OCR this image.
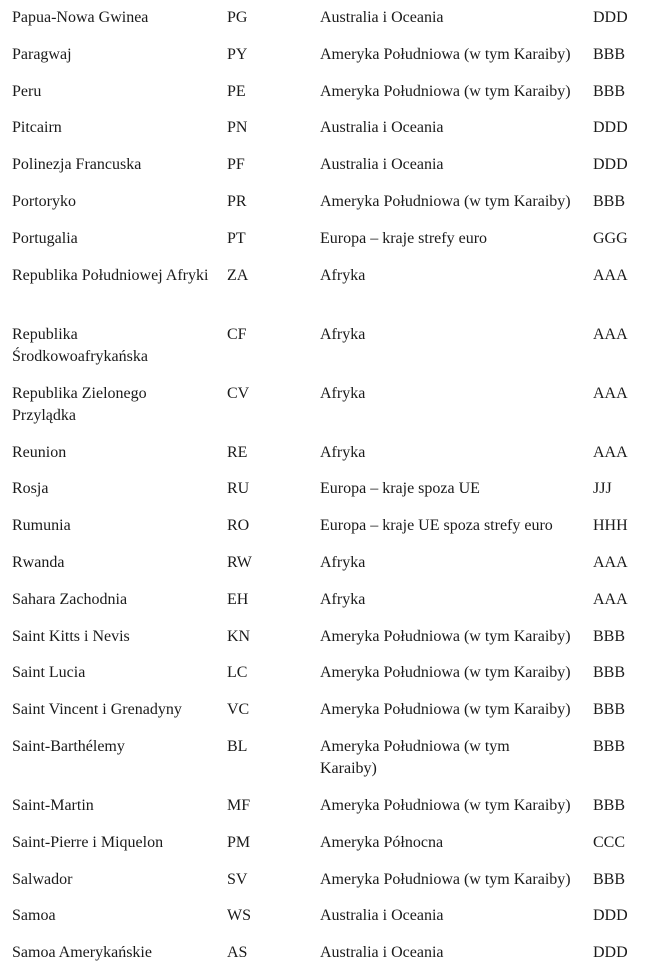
Papua-Nowa Gwinea	PG	Australia i Oceania	DDD

Paragwaj	PY	Ameryka Południowa (w tym Karaiby)	BBB

Peru	PE	Ameryka Południowa (w tym Karaiby)	BBB

Pitcairn	PN	Australia i Oceania	DDD

Polinezja Francuska	PF	Australia i Oceania	DDD

Portoryko	PR	Ameryka Południowa (w tym Karaiby)	BBB

Portugalia	PT	Europa – kraje strefy euro	GGG

Republika Południowej Afryki	ZA	Afryka	AAA

Republika Środkowoafrykańska	CF	Afryka	AAA

Republika Zielonego Przylądka	CV	Afryka	AAA

Reunion	RE	Afryka	AAA

Rosja	RU	Europa – kraje spoza UE	JJJ

Rumunia	RO	Europa – kraje UE spoza strefy euro	HHH

Rwanda	RW	Afryka	AAA

Sahara Zachodnia	EH	Afryka	AAA

Saint Kitts i Nevis	KN	Ameryka Południowa (w tym Karaiby)	BBB

Saint Lucia	LC	Ameryka Południowa (w tym Karaiby)	BBB

Saint Vincent i Grenadyny	VC	Ameryka Południowa (w tym Karaiby)	BBB

Saint-Barthélemy	BL	Ameryka Południowa (w tym Karaiby)	BBB

Saint-Martin	MF	Ameryka Południowa (w tym Karaiby)	BBB

Saint-Pierre i Miquelon	PM	Ameryka Północna	CCC

Salwador	SV	Ameryka Południowa (w tym Karaiby)	BBB

Samoa	WS	Australia i Oceania	DDD

Samoa Amerykańskie	AS	Australia i Oceania	DDD
